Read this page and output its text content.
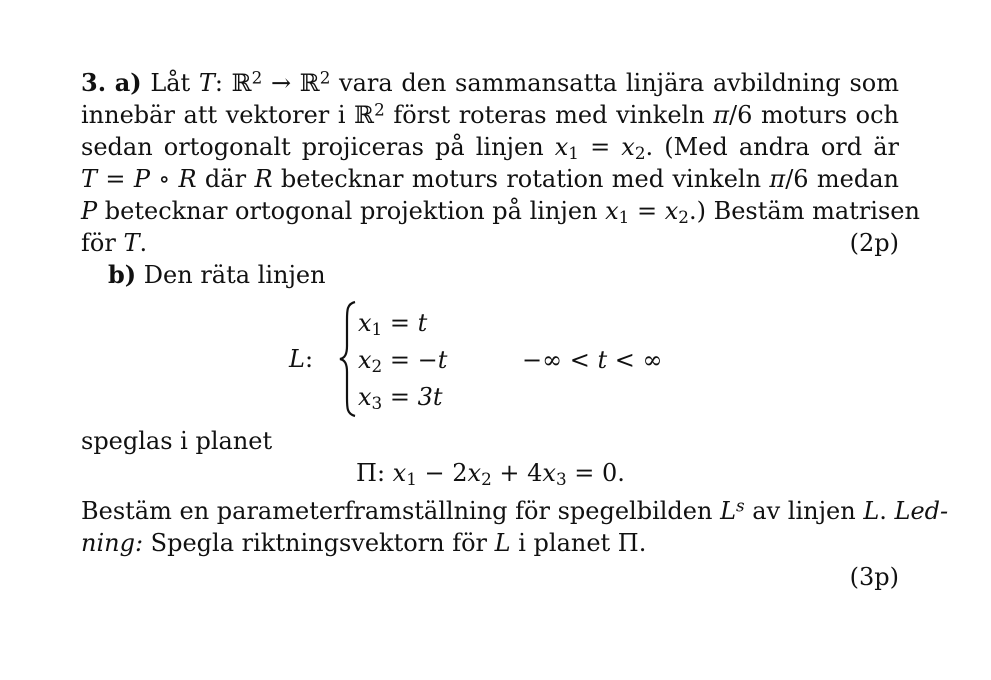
3. a) Låt T: ℝ$^2$ → ℝ$^2$ vara den sammansatta linjära avbildning som
innebär att vektorer i ℝ$^2$ först roteras med vinkeln π/6 moturs och
sedan ortogonalt projiceras på linjen $x_1 = x_2$. (Med andra ord är
T = P ∘ R där R betecknar moturs rotation med vinkeln π/6 medan
P betecknar ortogonal projektion på linjen $x_1 = x_2$.) Bestäm matrisen
för T.	(2p)
b) Den räta linjen
L:
$x_1 = t$
$x_2 = -t$
$x_3 = 3t$
−∞ < t < ∞
speglas i planet
Π: $x_1 - 2x_2 + 4x_3 = 0$.
Bestäm en parameterframställning för spegelbilden $L^s$ av linjen L. Led-
ning: Spegla riktningsvektorn för L i planet Π.
(3p)
